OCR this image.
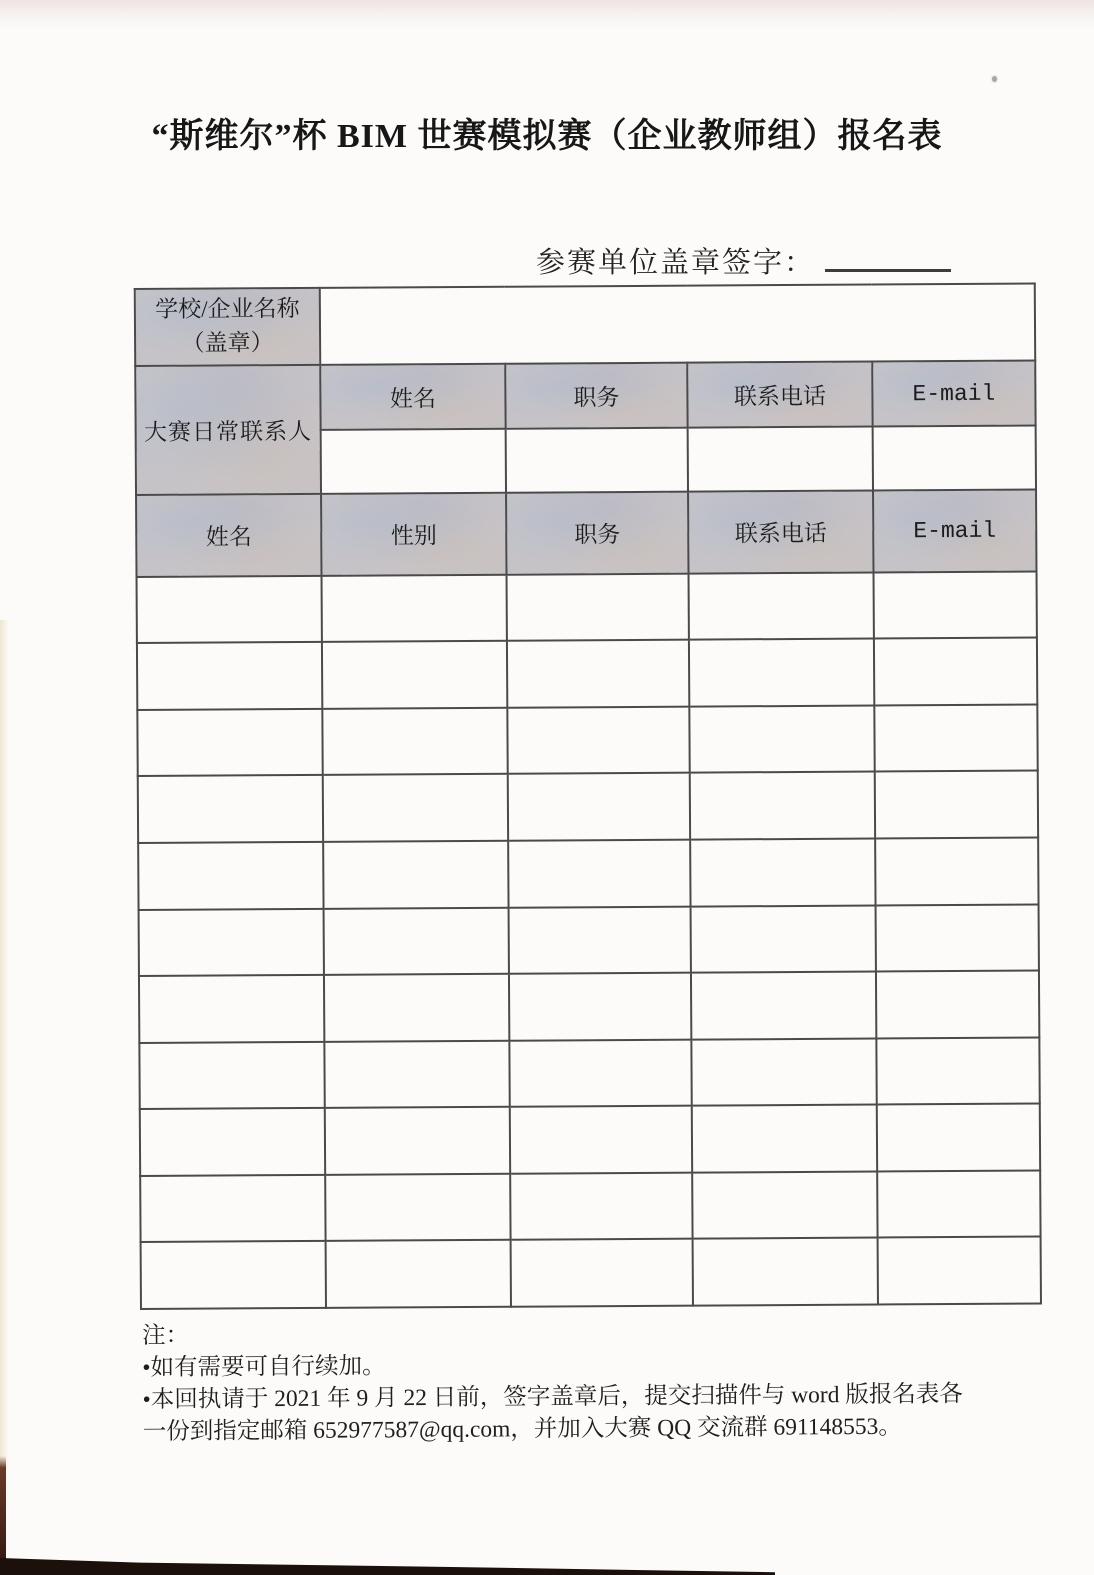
“斯维尔”杯 BIM 世赛模拟赛（企业教师组）报名表
参赛单位盖章签字：
学校/企业名称
（盖章）				

大赛日常联系人	姓名	职务	联系电话	E-mail

姓名	性别	职务	联系电话	E-mail

注：
•如有需要可自行续加。
•本回执请于 2021 年 9 月 22 日前，签字盖章后，提交扫描件与 word 版报名表各
一份到指定邮箱 652977587@qq.com，并加入大赛 QQ 交流群 691148553。
